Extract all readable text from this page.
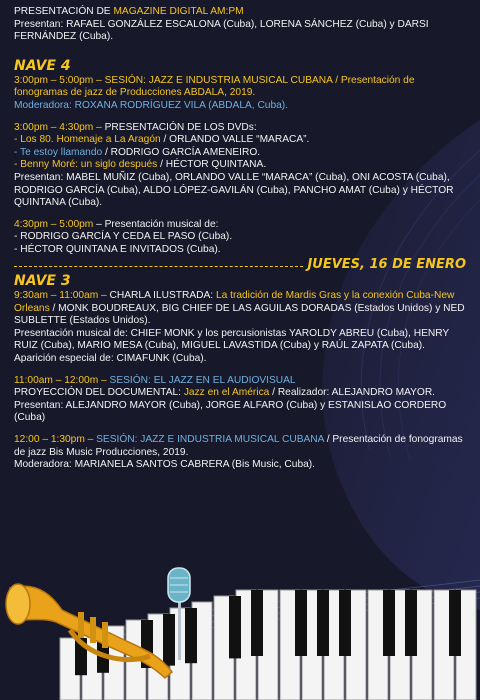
PRESENTACIÓN DE MAGAZINE DIGITAL AM:PM

Presentan: RAFAEL GONZÁLEZ ESCALONA (Cuba), LORENA SÁNCHEZ (Cuba) y DARSI FERNÁNDEZ (Cuba).

NAVE 4

3:00pm – 5:00pm – SESIÓN: JAZZ E INDUSTRIA MUSICAL CUBANA / Presentación de fonogramas de jazz de Producciones ABDALA, 2019.

Moderadora: ROXANA RODRÍGUEZ VILA (ABDALA, Cuba).

3:00pm – 4:30pm – PRESENTACIÓN DE LOS DVDs:

- Los 80. Homenaje a La Aragón / ORLANDO VALLE “MARACA”.

- Te estoy llamando / RODRIGO GARCÍA AMENEIRO.

- Benny Moré: un siglo después / HÉCTOR QUINTANA.

Presentan: MABEL MUÑIZ (Cuba), ORLANDO VALLE “MARACA” (Cuba), ONI ACOSTA (Cuba), RODRIGO GARCÍA (Cuba), ALDO LÓPEZ-GAVILÁN (Cuba), PANCHO AMAT (Cuba) y HÉCTOR QUINTANA (Cuba).

4:30pm – 5:00pm – Presentación musical de:

- RODRIGO GARCÍA Y CEDA EL PASO (Cuba).

- HÉCTOR QUINTANA E INVITADOS (Cuba).

JUEVES, 16 DE ENERO
NAVE 3

9:30am – 11:00am – CHARLA ILUSTRADA: La tradición de Mardis Gras y la conexión Cuba-New Orleans / MONK BOUDREAUX, BIG CHIEF DE LAS AGUILAS DORADAS (Estados Unidos) y NED SUBLETTE (Estados Unidos).

Presentación musical de: CHIEF MONK y los percusionistas YAROLDY ABREU (Cuba), HENRY RUIZ (Cuba), MARIO MESA (Cuba), MIGUEL LAVASTIDA (Cuba) y RAÚL ZAPATA (Cuba).

Aparición especial de: CIMAFUNK (Cuba).

11:00am – 12:00m – SESIÓN: EL JAZZ EN EL AUDIOVISUAL

PROYECCIÓN DEL DOCUMENTAL: Jazz en el América / Realizador: ALEJANDRO MAYOR.

Presentan: ALEJANDRO MAYOR (Cuba), JORGE ALFARO (Cuba) y ESTANISLAO CORDERO (Cuba)

12:00 – 1:30pm – SESIÓN: JAZZ E INDUSTRIA MUSICAL CUBANA / Presentación de fonogramas de jazz Bis Music Producciones, 2019.

Moderadora: MARIANELA SANTOS CABRERA (Bis Music, Cuba).
